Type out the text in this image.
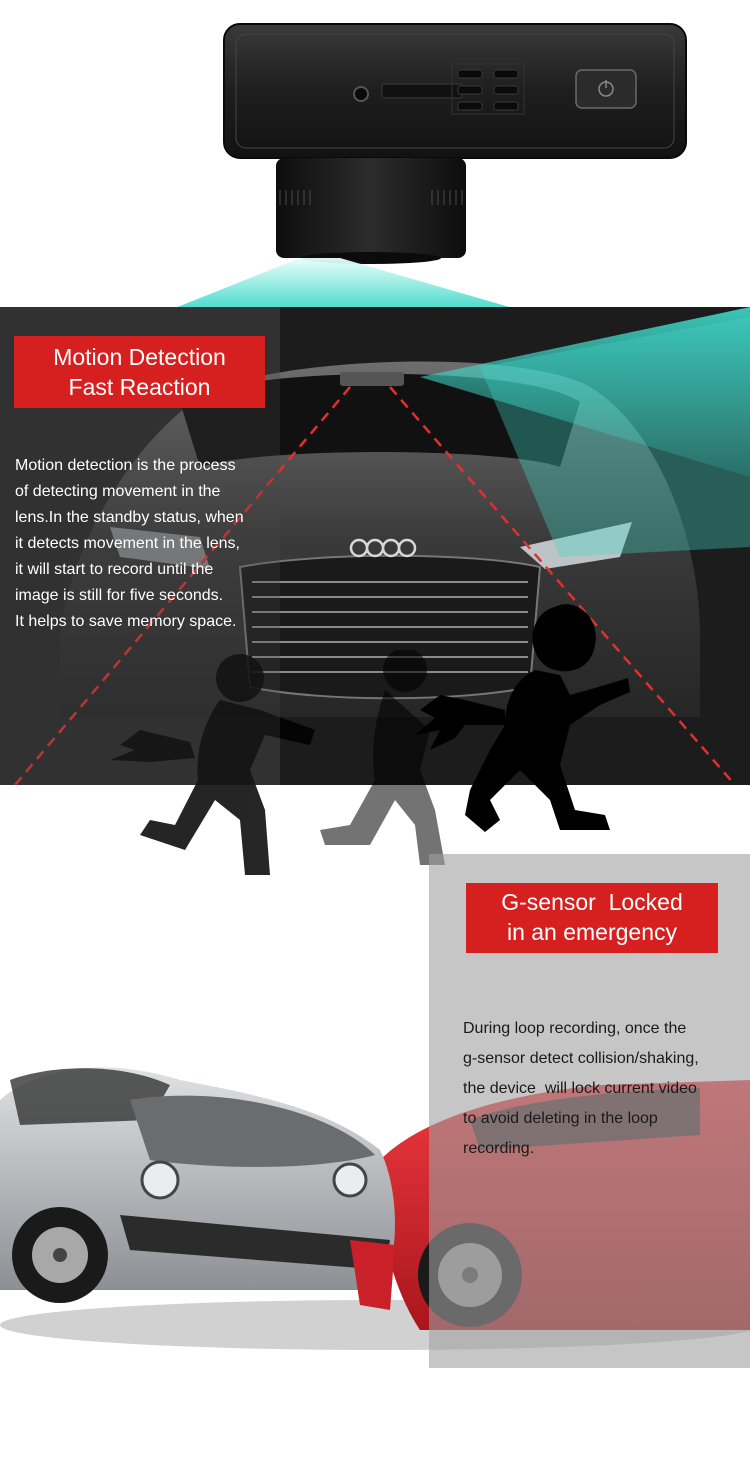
Motion Detection
Fast Reaction
Motion detection is the process
of detecting movement in the
lens.In the standby status, when
it detects movement in the lens,
it will start to record until the
image is still for five seconds.
It helps to save memory space.
G-sensor  Locked
in an emergency
During loop recording, once the
g-sensor detect collision/shaking,
the device  will lock current video
to avoid deleting in the loop
recording.
